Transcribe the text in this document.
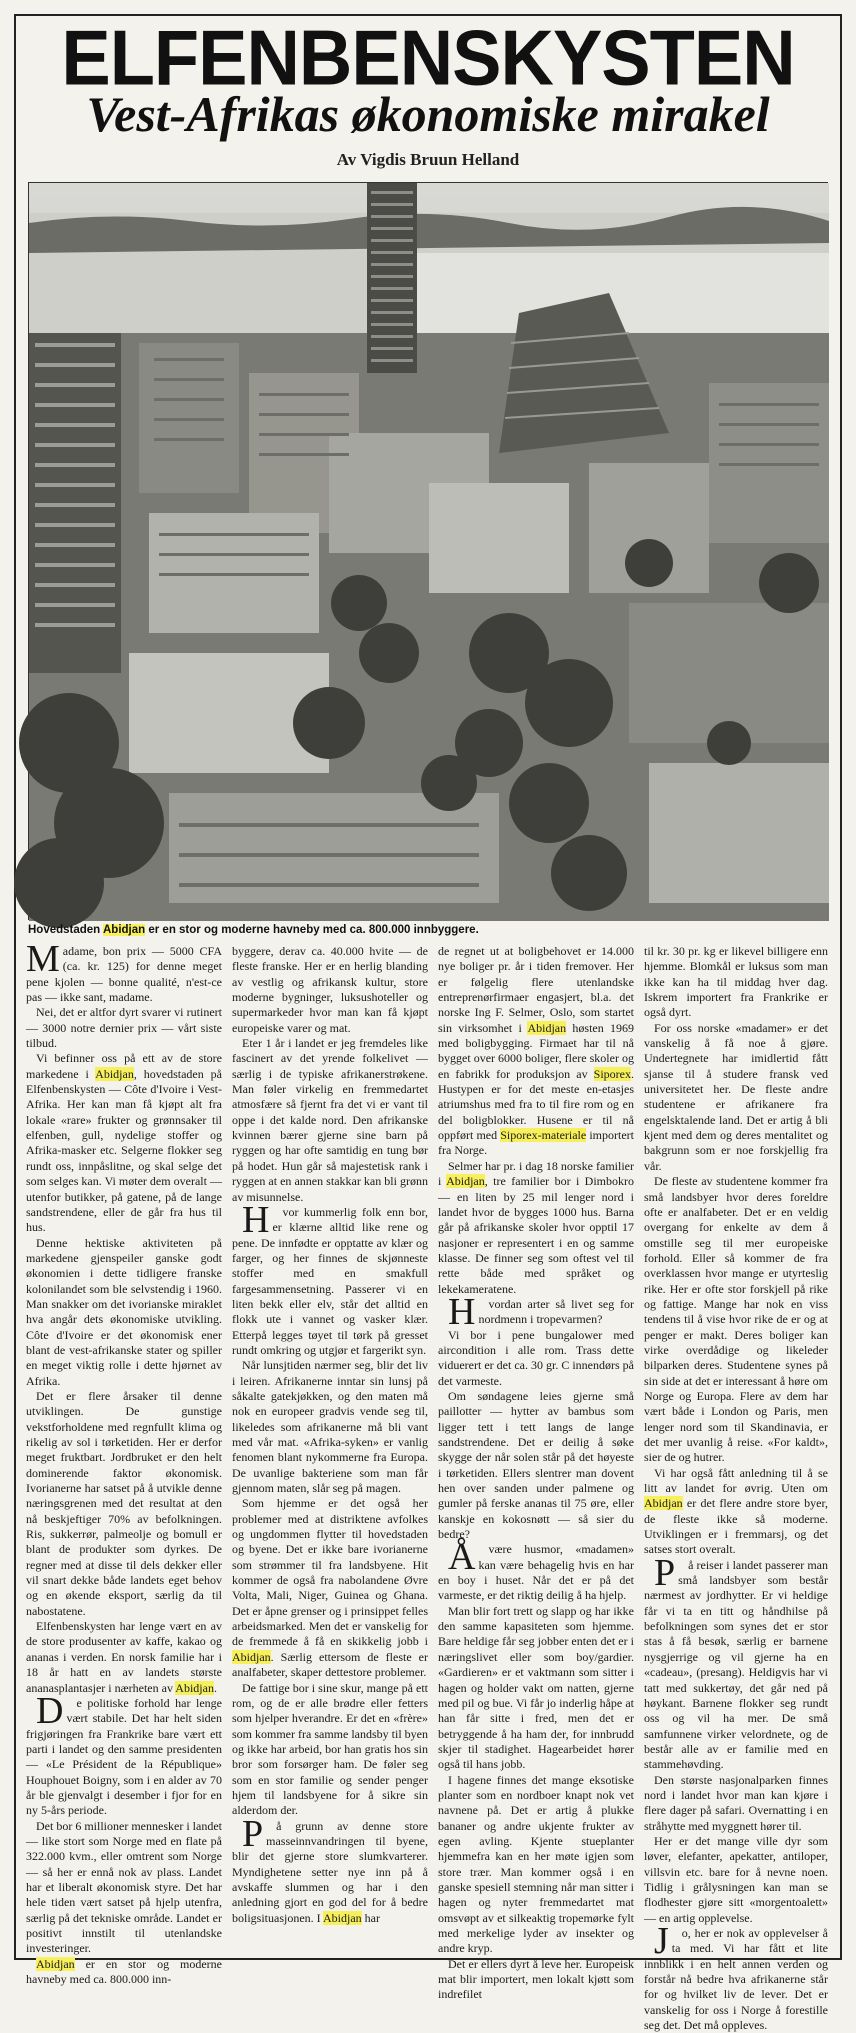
ELFENBENSKYSTEN
Vest-Afrikas økonomiske mirakel
Av Vigdis Bruun Helland
Hovedstaden Abidjan er en stor og moderne havneby med ca. 800.000 innbyggere.

Madame, bon prix — 5000 CFA (ca. kr. 125) for denne meget pene kjolen — bonne qualité, n'est-ce pas — ikke sant, madame.

Nei, det er altfor dyrt svarer vi rutinert — 3000 notre dernier prix — vårt siste tilbud.

Vi befinner oss på ett av de store markedene i Abidjan, hovedstaden på Elfenbenskysten — Côte d'Ivoire i Vest-Afrika. Her kan man få kjøpt alt fra lokale «rare» frukter og grønnsaker til elfenben, gull, nydelige stoffer og Afrika-masker etc. Selgerne flokker seg rundt oss, innpåslitne, og skal selge det som selges kan. Vi møter dem overalt — utenfor butikker, på gatene, på de lange sandstrendene, eller de går fra hus til hus.

Denne hektiske aktiviteten på markedene gjenspeiler ganske godt økonomien i dette tidligere franske kolonilandet som ble selvstendig i 1960. Man snakker om det ivorianske miraklet hva angår dets økonomiske utvikling. Côte d'Ivoire er det økonomisk ener blant de vest-afrikanske stater og spiller en meget viktig rolle i dette hjørnet av Afrika.

Det er flere årsaker til denne utviklingen. De gunstige vekstforholdene med regnfullt klima og rikelig av sol i tørketiden. Her er derfor meget fruktbart. Jordbruket er den helt dominerende faktor økonomisk. Ivorianerne har satset på å utvikle denne næringsgrenen med det resultat at den nå beskjeftiger 70% av befolkningen. Ris, sukkerrør, palmeolje og bomull er blant de produkter som dyrkes. De regner med at disse til dels dekker eller vil snart dekke både landets eget behov og en økende eksport, særlig da til nabostatene.

Elfenbenskysten har lenge vært en av de store produsenter av kaffe, kakao og ananas i verden. En norsk familie har i 18 år hatt en av landets største ananasplantasjer i nærheten av Abidjan.

De politiske forhold har lenge vært stabile. Det har helt siden frigjøringen fra Frankrike bare vært ett parti i landet og den samme presidenten — «Le Président de la République» Houphouet Boigny, som i en alder av 70 år ble gjenvalgt i desember i fjor for en ny 5-års periode.

Det bor 6 millioner mennesker i landet — like stort som Norge med en flate på 322.000 kvm., eller omtrent som Norge — så her er ennå nok av plass. Landet har et liberalt økonomisk styre. Det har hele tiden vært satset på hjelp utenfra, særlig på det tekniske område. Landet er positivt innstilt til utenlandske investeringer.

Abidjan er en stor og moderne havneby med ca. 800.000 inn-

byggere, derav ca. 40.000 hvite — de fleste franske. Her er en herlig blanding av vestlig og afrikansk kultur, store moderne bygninger, luksushoteller og supermarkeder hvor man kan få kjøpt europeiske varer og mat.

Eter 1 år i landet er jeg fremdeles like fascinert av det yrende folkelivet — særlig i de typiske afrikanerstrøkene. Man føler virkelig en fremmedartet atmosfære så fjernt fra det vi er vant til oppe i det kalde nord. Den afrikanske kvinnen bærer gjerne sine barn på ryggen og har ofte samtidig en tung bør på hodet. Hun går så majestetisk rank i ryggen at en annen stakkar kan bli grønn av misunnelse.

Hvor kummerlig folk enn bor, er klærne alltid like rene og pene. De innfødte er opptatte av klær og farger, og her finnes de skjønneste stoffer med en smakfull fargesammensetning. Passerer vi en liten bekk eller elv, står det alltid en flokk ute i vannet og vasker klær. Etterpå legges tøyet til tørk på gresset rundt omkring og utgjør et fargerikt syn.

Når lunsjtiden nærmer seg, blir det liv i leiren. Afrikanerne inntar sin lunsj på såkalte gatekjøkken, og den maten må nok en europeer gradvis vende seg til, likeledes som afrikanerne må bli vant med vår mat. «Afrika-syken» er vanlig fenomen blant nykommerne fra Europa. De uvanlige bakteriene som man får gjennom maten, slår seg på magen.

Som hjemme er det også her problemer med at distriktene avfolkes og ungdommen flytter til hovedstaden og byene. Det er ikke bare ivorianerne som strømmer til fra landsbyene. Hit kommer de også fra nabolandene Øvre Volta, Mali, Niger, Guinea og Ghana. Det er åpne grenser og i prinsippet felles arbeidsmarked. Men det er vanskelig for de fremmede å få en skikkelig jobb i Abidjan. Særlig ettersom de fleste er analfabeter, skaper dettestore problemer.

De fattige bor i sine skur, mange på ett rom, og de er alle brødre eller fetters som hjelper hverandre. Er det en «frère» som kommer fra samme landsby til byen og ikke har arbeid, bor han gratis hos sin bror som forsørger ham. De føler seg som en stor familie og sender penger hjem til landsbyene for å sikre sin alderdom der.

På grunn av denne store masseinnvandringen til byene, blir det gjerne store slumkvarterer. Myndighetene setter nye inn på å avskaffe slummen og har i den anledning gjort en god del for å bedre boligsituasjonen. I Abidjan har

de regnet ut at boligbehovet er 14.000 nye boliger pr. år i tiden fremover. Her er følgelig flere utenlandske entreprenørfirmaer engasjert, bl.a. det norske Ing F. Selmer, Oslo, som startet sin virksomhet i Abidjan høsten 1969 med boligbygging. Firmaet har til nå bygget over 6000 boliger, flere skoler og en fabrikk for produksjon av Siporex. Hustypen er for det meste en-etasjes atriumshus med fra to til fire rom og en del boligblokker. Husene er til nå oppført med Siporex-materiale importert fra Norge.

Selmer har pr. i dag 18 norske familier i Abidjan, tre familier bor i Dimbokro — en liten by 25 mil lenger nord i landet hvor de bygges 1000 hus. Barna går på afrikanske skoler hvor opptil 17 nasjoner er representert i en og samme klasse. De finner seg som oftest vel til rette både med språket og lekekameratene.

Hvordan arter så livet seg for nordmenn i tropevarmen?

Vi bor i pene bungalower med aircondition i alle rom. Trass dette viduerert er det ca. 30 gr. C innendørs på det varmeste.

Om søndagene leies gjerne små paillotter — hytter av bambus som ligger tett i tett langs de lange sandstrendene. Det er deilig å søke skygge der når solen står på det høyeste i tørketiden. Ellers slentrer man dovent hen over sanden under palmene og gumler på ferske ananas til 75 øre, eller kanskje en kokosnøtt — så sier du bedre?

Åvære husmor, «madamen» kan være behagelig hvis en har en boy i huset. Når det er på det varmeste, er det riktig deilig å ha hjelp.

Man blir fort trett og slapp og har ikke den samme kapasiteten som hjemme. Bare heldige får seg jobber enten det er i næringslivet eller som boy/gardier. «Gardieren» er et vaktmann som sitter i hagen og holder vakt om natten, gjerne med pil og bue. Vi får jo inderlig håpe at han får sitte i fred, men det er betryggende å ha ham der, for innbrudd skjer til stadighet. Hagearbeidet hører også til hans jobb.

I hagene finnes det mange eksotiske planter som en nordboer knapt nok vet navnene på. Det er artig å plukke bananer og andre ukjente frukter av egen avling. Kjente stueplanter hjemmefra kan en her møte igjen som store trær. Man kommer også i en ganske spesiell stemning når man sitter i hagen og nyter fremmedartet mat omsvøpt av et silkeaktig tropemørke fylt med merkelige lyder av insekter og andre kryp.

Det er ellers dyrt å leve her. Europeisk mat blir importert, men lokalt kjøtt som indrefilet

til kr. 30 pr. kg er likevel billigere enn hjemme. Blomkål er luksus som man ikke kan ha til middag hver dag. Iskrem importert fra Frankrike er også dyrt.

For oss norske «madamer» er det vanskelig å få noe å gjøre. Undertegnete har imidlertid fått sjanse til å studere fransk ved universitetet her. De fleste andre studentene er afrikanere fra engelsktalende land. Det er artig å bli kjent med dem og deres mentalitet og bakgrunn som er noe forskjellig fra vår.

De fleste av studentene kommer fra små landsbyer hvor deres foreldre ofte er analfabeter. Det er en veldig overgang for enkelte av dem å omstille seg til mer europeiske forhold. Eller så kommer de fra overklassen hvor mange er utyrteslig rike. Her er ofte stor forskjell på rike og fattige. Mange har nok en viss tendens til å vise hvor rike de er og at penger er makt. Deres boliger kan virke overdådige og likeleder bilparken deres. Studentene synes på sin side at det er interessant å høre om Norge og Europa. Flere av dem har vært både i London og Paris, men lenger nord som til Skandinavia, er det mer uvanlig å reise. «For kaldt», sier de og hutrer.

Vi har også fått anledning til å se litt av landet for øvrig. Uten om Abidjan er det flere andre store byer, de fleste ikke så moderne. Utviklingen er i fremmarsj, og det satses stort overalt.

På reiser i landet passerer man små landsbyer som består nærmest av jordhytter. Er vi heldige får vi ta en titt og håndhilse på befolkningen som synes det er stor stas å få besøk, særlig er barnene nysgjerrige og vil gjerne ha en «cadeau», (presang). Heldigvis har vi tatt med sukkertøy, det går ned på høykant. Barnene flokker seg rundt oss og vil ha mer. De små samfunnene virker velordnete, og de består alle av er familie med en stammehøvding.

Den største nasjonalparken finnes nord i landet hvor man kan kjøre i flere dager på safari. Overnatting i en stråhytte med myggnett hører til.

Her er det mange ville dyr som løver, elefanter, apekatter, antiloper, villsvin etc. bare for å nevne noen. Tidlig i grålysningen kan man se flodhester gjøre sitt «morgentoalett» — en artig opplevelse.

Jo, her er nok av opplevelser å ta med. Vi har fått et lite innblikk i en helt annen verden og forstår nå bedre hva afrikanerne står for og hvilket liv de lever. Det er vanskelig for oss i Norge å forestille seg det. Det må oppleves.
